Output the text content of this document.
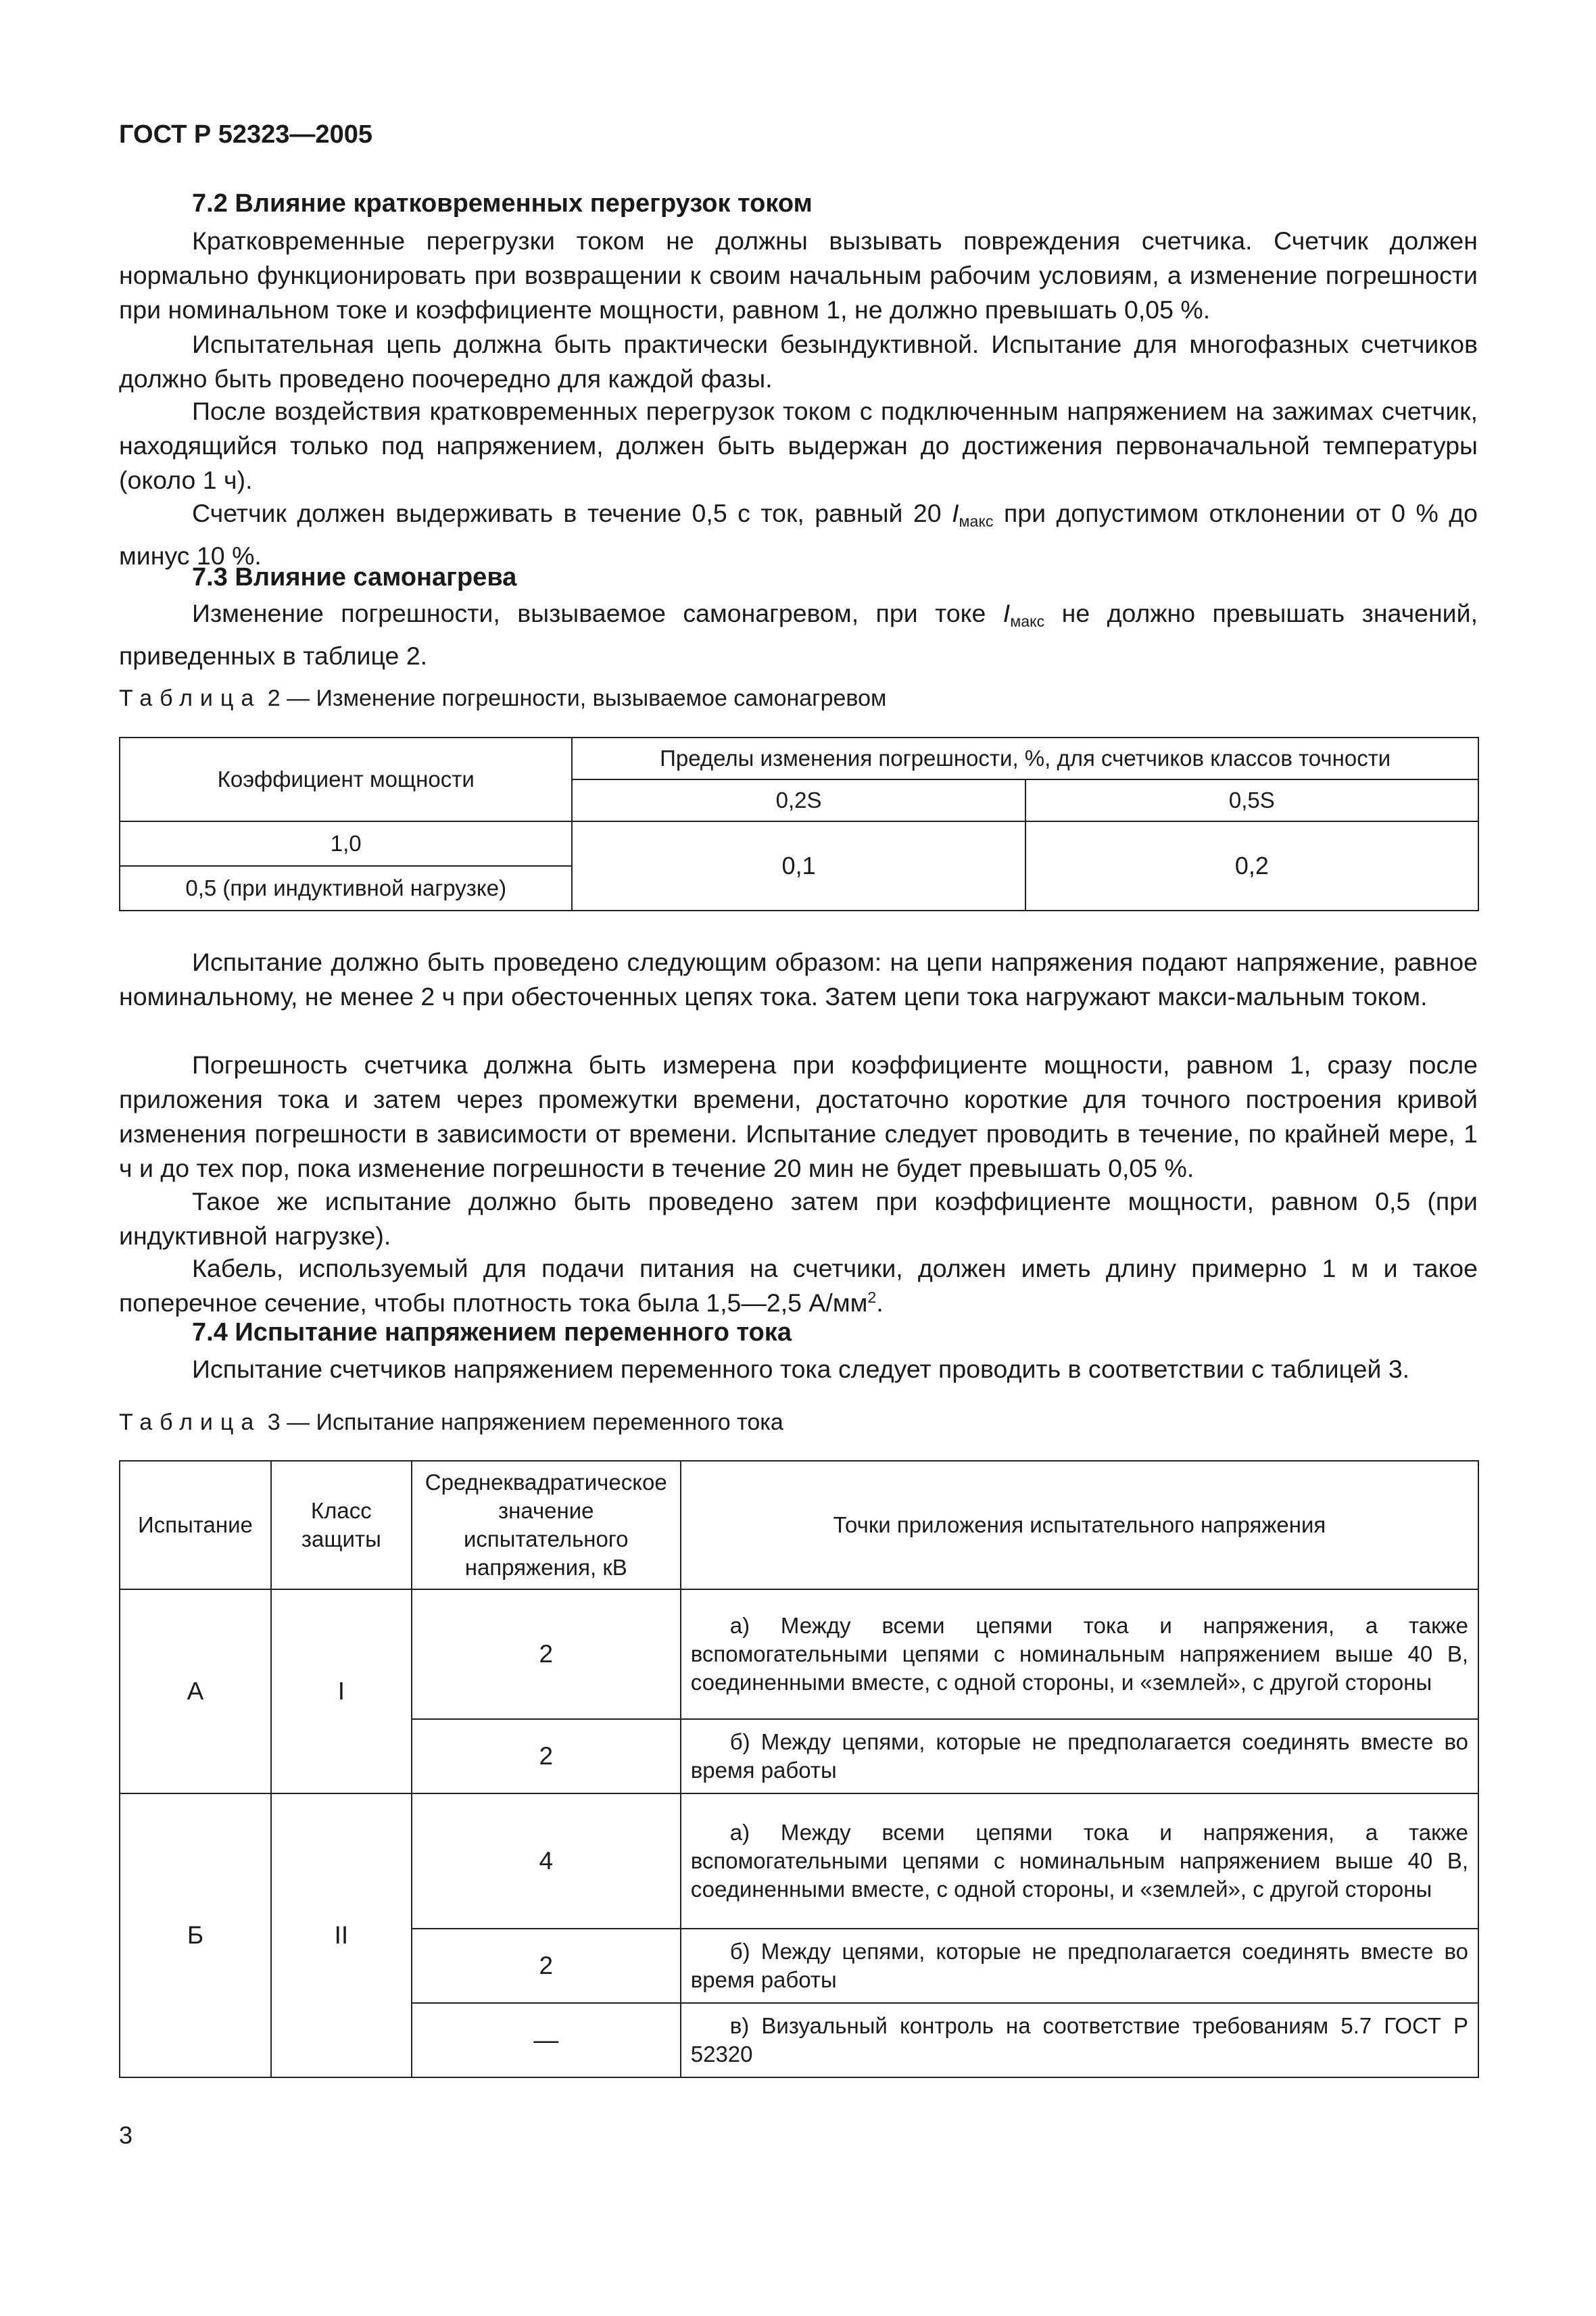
ГОСТ Р 52323—2005
7.2 Влияние кратковременных перегрузок током

Кратковременные перегрузки током не должны вызывать повреждения счетчика. Счетчик должен нормально функционировать при возвращении к своим начальным рабочим условиям, а изменение погрешности при номинальном токе и коэффициенте мощности, равном 1, не должно превышать 0,05 %.

Испытательная цепь должна быть практически безындуктивной. Испытание для многофазных счетчиков должно быть проведено поочередно для каждой фазы.

После воздействия кратковременных перегрузок током с подключенным напряжением на зажимах счетчик, находящийся только под напряжением, должен быть выдержан до достижения первоначальной температуры (около 1 ч).

Счетчик должен выдерживать в течение 0,5 с ток, равный 20 $I_{макс}$ при допустимом отклонении от 0 % до минус 10 %.

7.3 Влияние самонагрева

Изменение погрешности, вызываемое самонагревом, при токе $I_{макс}$ не должно превышать значений, приведенных в таблице 2.

Таблица 2 — Изменение погрешности, вызываемое самонагревом
Коэффициент мощности	Пределы изменения погрешности, %, для счетчиков классов точности	
	0,2S	0,5S
1,0	0,1	0,2
0,5 (при индуктивной нагрузке)		

Испытание должно быть проведено следующим образом: на цепи напряжения подают напряжение, равное номинальному, не менее 2 ч при обесточенных цепях тока. Затем цепи тока нагружают макси-мальным током.

Погрешность счетчика должна быть измерена при коэффициенте мощности, равном 1, сразу после приложения тока и затем через промежутки времени, достаточно короткие для точного построения кривой изменения погрешности в зависимости от времени. Испытание следует проводить в течение, по крайней мере, 1 ч и до тех пор, пока изменение погрешности в течение 20 мин не будет превышать 0,05 %.

Такое же испытание должно быть проведено затем при коэффициенте мощности, равном 0,5 (при индуктивной нагрузке).

Кабель, используемый для подачи питания на счетчики, должен иметь длину примерно 1 м и такое поперечное сечение, чтобы плотность тока была 1,5—2,5 $А/мм^2$.

7.4 Испытание напряжением переменного тока

Испытание счетчиков напряжением переменного тока следует проводить в соответствии с таблицей 3.

Таблица 3 — Испытание напряжением переменного тока
Испытание	Класс защиты	Среднеквадратическое значение испытательного напряжения, кВ	Точки приложения испытательного напряжения
А	I	2	а) Между всеми цепями тока и напряжения, а также вспомогательными цепями с номинальным напряжением выше 40 В, соединенными вместе, с одной стороны, и «землей», с другой стороны

		2	б) Между цепями, которые не предполагается соединять вместе во время работы

Б	II	4	а) Между всеми цепями тока и напряжения, а также вспомогательными цепями с номинальным напряжением выше 40 В, соединенными вместе, с одной стороны, и «землей», с другой стороны

		2	б) Между цепями, которые не предполагается соединять вместе во время работы

		—	в) Визуальный контроль на соответствие требованиям 5.7 ГОСТ Р 52320
3
